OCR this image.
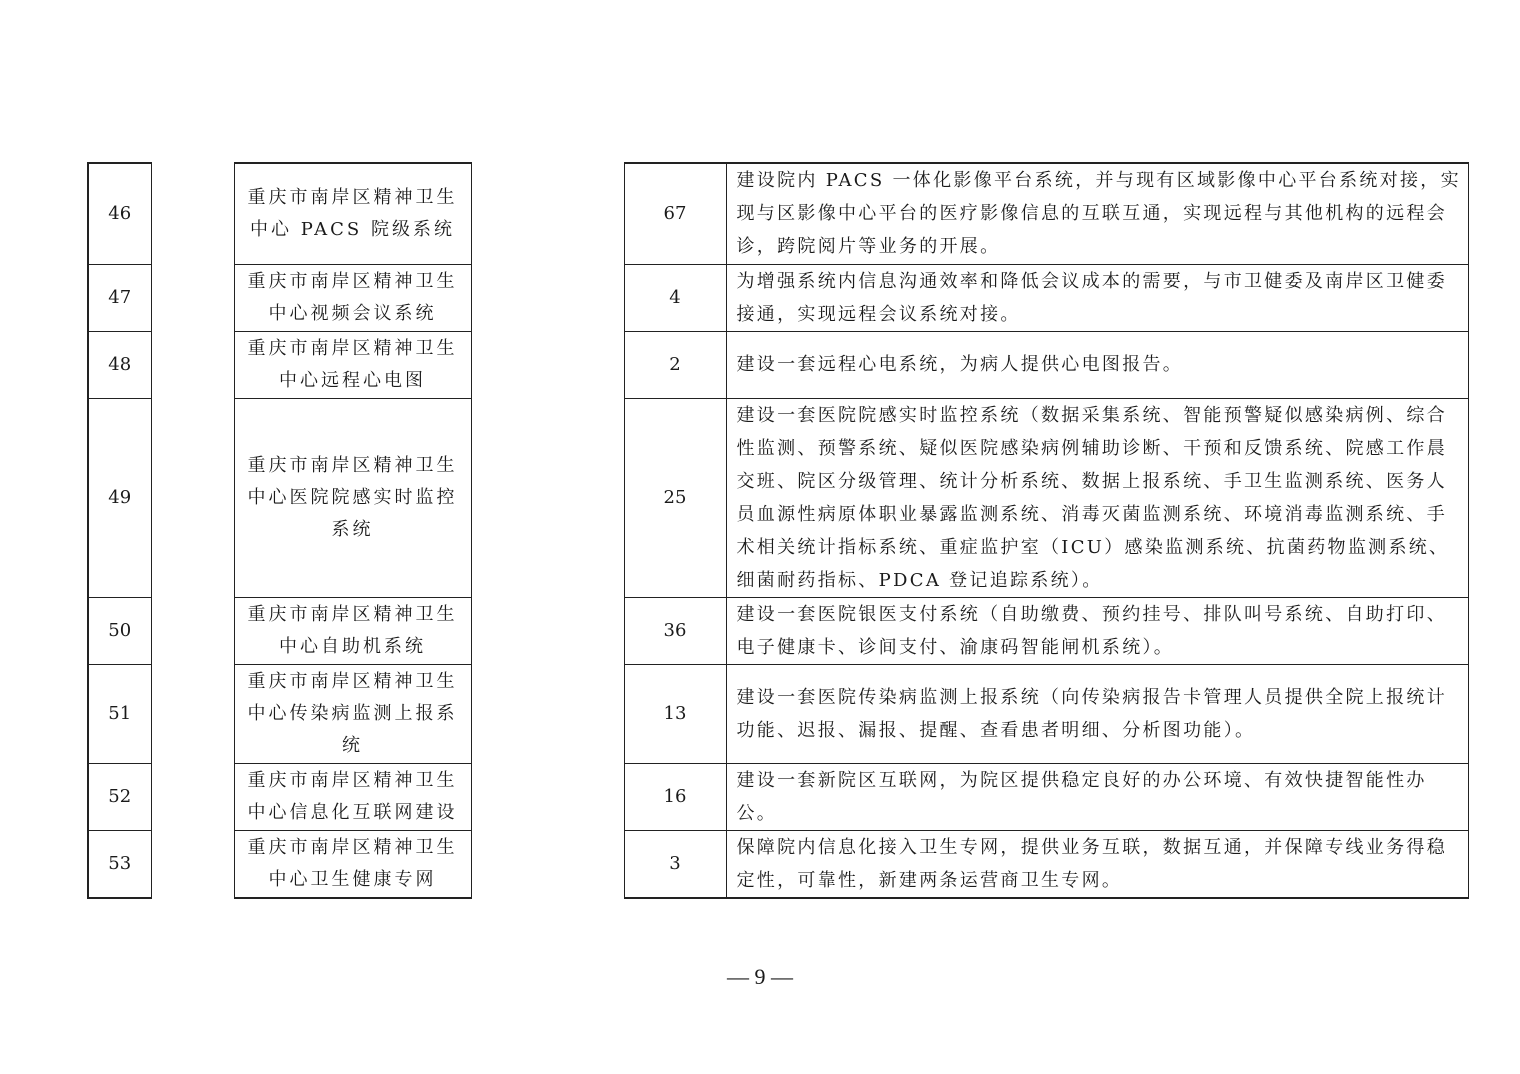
46		重庆市南岸区精神卫生中心 PACS 院级系统		67	建设院内 PACS 一体化影像平台系统，并与现有区域影像中心平台系统对接，实现与区影像中心平台的医疗影像信息的互联互通，实现远程与其他机构的远程会诊，跨院阅片等业务的开展。
47		重庆市南岸区精神卫生中心视频会议系统		4	为增强系统内信息沟通效率和降低会议成本的需要，与市卫健委及南岸区卫健委接通，实现远程会议系统对接。
48		重庆市南岸区精神卫生中心远程心电图		2	建设一套远程心电系统，为病人提供心电图报告。
49		重庆市南岸区精神卫生中心医院院感实时监控系统		25	建设一套医院院感实时监控系统（数据采集系统、智能预警疑似感染病例、综合性监测、预警系统、疑似医院感染病例辅助诊断、干预和反馈系统、院感工作晨交班、院区分级管理、统计分析系统、数据上报系统、手卫生监测系统、医务人员血源性病原体职业暴露监测系统、消毒灭菌监测系统、环境消毒监测系统、手术相关统计指标系统、重症监护室（ICU）感染监测系统、抗菌药物监测系统、细菌耐药指标、PDCA 登记追踪系统）。
50		重庆市南岸区精神卫生中心自助机系统		36	建设一套医院银医支付系统（自助缴费、预约挂号、排队叫号系统、自助打印、电子健康卡、诊间支付、渝康码智能闸机系统）。
51		重庆市南岸区精神卫生中心传染病监测上报系统		13	建设一套医院传染病监测上报系统（向传染病报告卡管理人员提供全院上报统计功能、迟报、漏报、提醒、查看患者明细、分析图功能）。
52		重庆市南岸区精神卫生中心信息化互联网建设		16	建设一套新院区互联网，为院区提供稳定良好的办公环境、有效快捷智能性办公。
53		重庆市南岸区精神卫生中心卫生健康专网		3	保障院内信息化接入卫生专网，提供业务互联，数据互通，并保障专线业务得稳定性，可靠性，新建两条运营商卫生专网。
— 9 —
